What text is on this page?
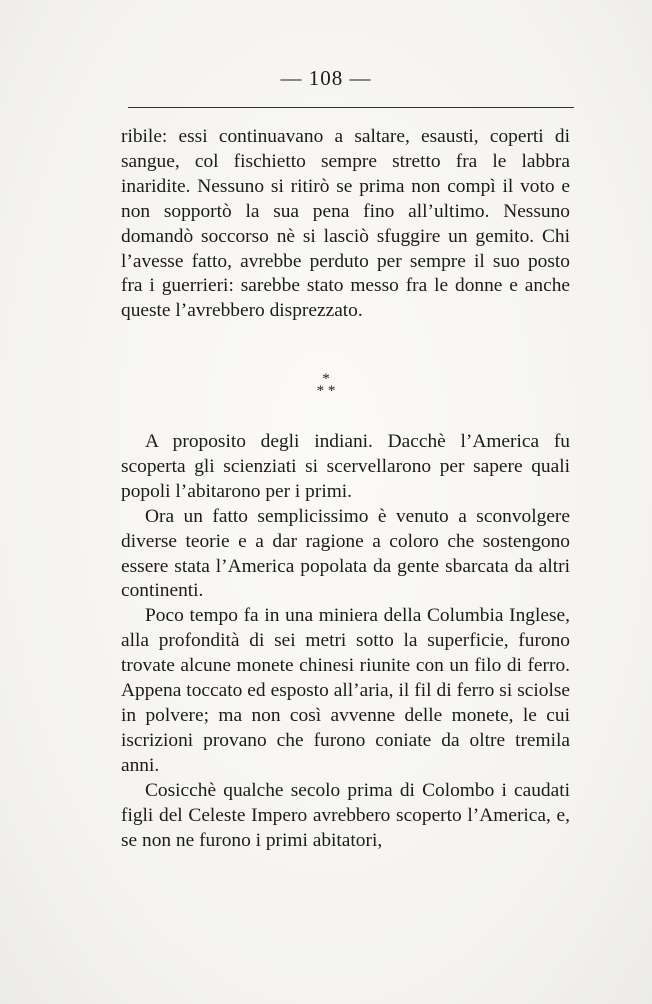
— 108 —

ribile: essi continuavano a saltare, esausti, coperti di sangue, col fischietto sempre stretto fra le labbra inaridite. Nessuno si ritirò se prima non compì il voto e non sopportò la sua pena fino all’ultimo. Nessuno domandò soccorso nè si lasciò sfuggire un gemito. Chi l’avesse fatto, avrebbe perduto per sempre il suo posto fra i guerrieri: sarebbe stato messo fra le donne e anche queste l’avrebbero disprezzato.

*
* *

A proposito degli indiani. Dacchè l’America fu scoperta gli scienziati si scervellarono per sapere quali popoli l’abitarono per i primi.

Ora un fatto semplicissimo è venuto a sconvolgere diverse teorie e a dar ragione a coloro che sostengono essere stata l’America popolata da gente sbarcata da altri continenti.

Poco tempo fa in una miniera della Columbia Inglese, alla profondità di sei metri sotto la superficie, furono trovate alcune monete chinesi riunite con un filo di ferro. Appena toccato ed esposto all’aria, il fil di ferro si sciolse in polvere; ma non così avvenne delle monete, le cui iscrizioni provano che furono coniate da oltre tremila anni.

Cosicchè qualche secolo prima di Colombo i caudati figli del Celeste Impero avrebbero scoperto l’America, e, se non ne furono i primi abitatori,
